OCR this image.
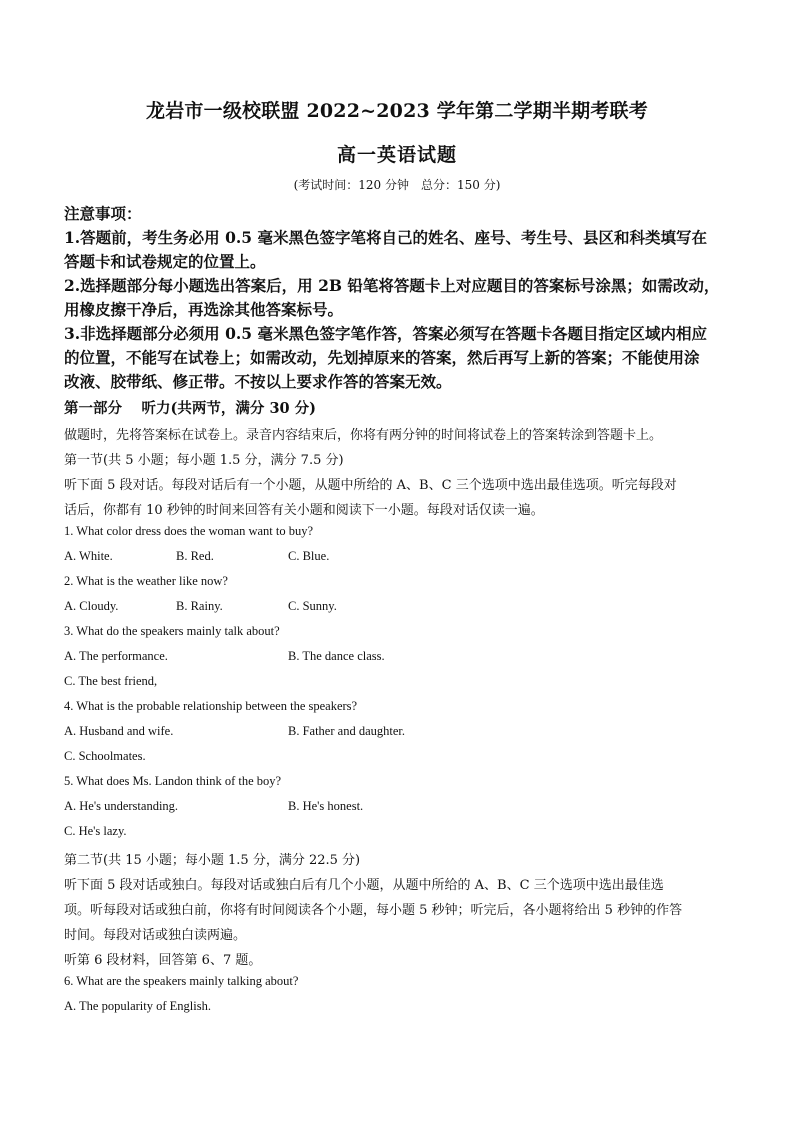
龙岩市一级校联盟 2022~2023 学年第二学期半期考联考
高一英语试题
(考试时间：120 分钟　总分：150 分)
注意事项：
1.答题前，考生务必用 0.5 毫米黑色签字笔将自己的姓名、座号、考生号、县区和科类填写在
答题卡和试卷规定的位置上。
2.选择题部分每小题选出答案后，用 2B 铅笔将答题卡上对应题目的答案标号涂黑；如需改动，
用橡皮擦干净后，再选涂其他答案标号。
3.非选择题部分必须用 0.5 毫米黑色签字笔作答，答案必须写在答题卡各题目指定区域内相应
的位置，不能写在试卷上；如需改动，先划掉原来的答案，然后再写上新的答案；不能使用涂
改液、胶带纸、修正带。不按以上要求作答的答案无效。
第一部分　 听力(共两节，满分 30 分)
做题时，先将答案标在试卷上。录音内容结束后，你将有两分钟的时间将试卷上的答案转涂到答题卡上。
第一节(共 5 小题；每小题 1.5 分，满分 7.5 分)
听下面 5 段对话。每段对话后有一个小题，从题中所给的 A、B、C 三个选项中选出最佳选项。听完每段对
话后，你都有 10 秒钟的时间来回答有关小题和阅读下一小题。每段对话仅读一遍。
1. What color dress does the woman want to buy?
A. White.	B. Red.	C. Blue.
2. What is the weather like now?
A. Cloudy.	B. Rainy.	C. Sunny.
3. What do the speakers mainly talk about?
A. The performance.	B. The dance class.
C. The best friend,
4. What is the probable relationship between the speakers?
A. Husband and wife.	B. Father and daughter.
C. Schoolmates.
5. What does Ms. Landon think of the boy?
A. He's understanding.	B. He's honest.
C. He's lazy.
第二节(共 15 小题；每小题 1.5 分，满分 22.5 分)
听下面 5 段对话或独白。每段对话或独白后有几个小题，从题中所给的 A、B、C 三个选项中选出最佳选
项。听每段对话或独白前，你将有时间阅读各个小题，每小题 5 秒钟；听完后，各小题将给出 5 秒钟的作答
时间。每段对话或独白读两遍。
听第 6 段材料，回答第 6、7 题。
6. What are the speakers mainly talking about?
A. The popularity of English.
